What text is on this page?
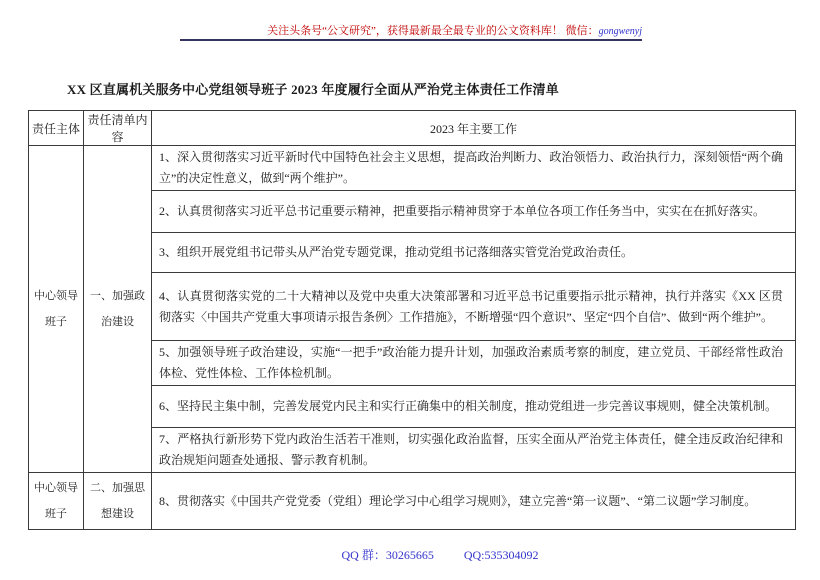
关注头条号“公文研究”，获得最新最全最专业的公文资料库！ 微信：gongwenyj
XX 区直属机关服务中心党组领导班子 2023 年度履行全面从严治党主体责任工作清单
责任主体	责任清单内容	2023 年主要工作
中心领导班子	一、加强政治建设	1、深入贯彻落实习近平新时代中国特色社会主义思想，提高政治判断力、政治领悟力、政治执行力，深刻领悟“两个确立”的决定性意义，做到“两个维护”。
		2、认真贯彻落实习近平总书记重要示精神，把重要指示精神贯穿于本单位各项工作任务当中，实实在在抓好落实。
		3、组织开展党组书记带头从严治党专题党课，推动党组书记落细落实管党治党政治责任。
		4、认真贯彻落实党的二十大精神以及党中央重大决策部署和习近平总书记重要指示批示精神，执行并落实《XX 区贯彻落实〈中国共产党重大事项请示报告条例〉工作措施》，不断增强“四个意识”、坚定“四个自信”、做到“两个维护”。
		5、加强领导班子政治建设，实施“一把手”政治能力提升计划，加强政治素质考察的制度，建立党员、干部经常性政治体检、党性体检、工作体检机制。
		6、坚持民主集中制，完善发展党内民主和实行正确集中的相关制度，推动党组进一步完善议事规则，健全决策机制。
		7、严格执行新形势下党内政治生活若干准则，切实强化政治监督，压实全面从严治党主体责任，健全违反政治纪律和政治规矩问题查处通报、警示教育机制。
中心领导班子	二、加强思想建设	8、贯彻落实《中国共产党党委（党组）理论学习中心组学习规则》，建立完善“第一议题”、“第二议题”学习制度。
QQ 群：30265665	QQ:535304092
